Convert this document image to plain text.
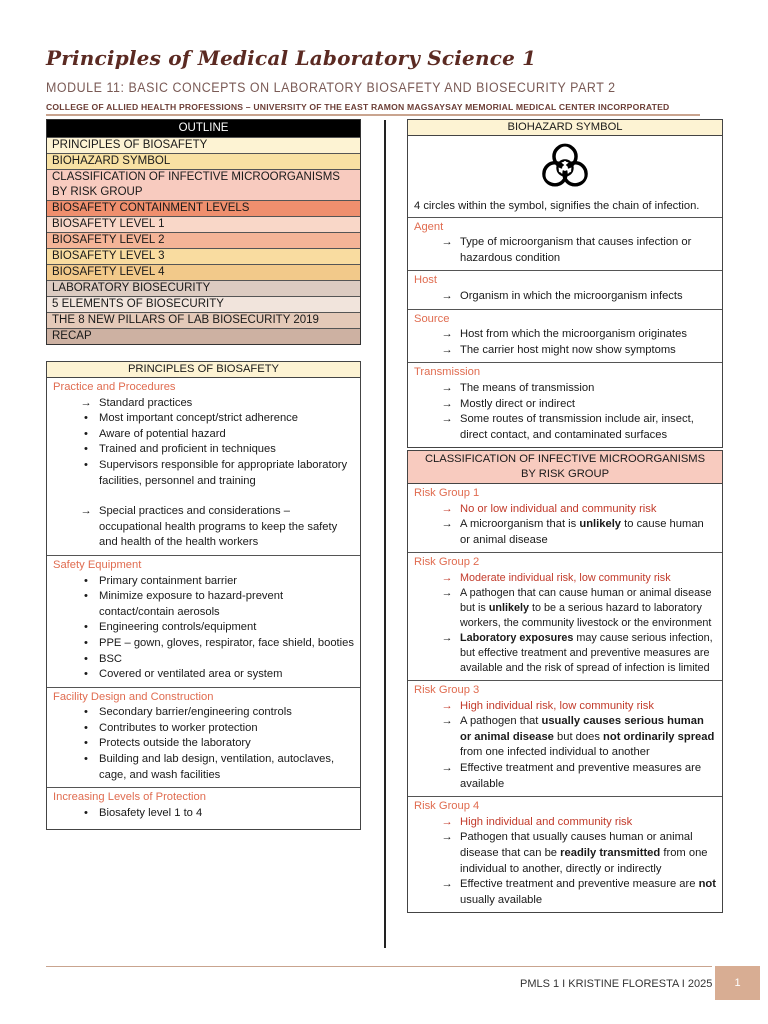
Principles of Medical Laboratory Science 1
MODULE 11: BASIC CONCEPTS ON LABORATORY BIOSAFETY AND BIOSECURITY PART 2
COLLEGE OF ALLIED HEALTH PROFESSIONS – UNIVERSITY OF THE EAST RAMON MAGSAYSAY MEMORIAL MEDICAL CENTER INCORPORATED
OUTLINE
PRINCIPLES OF BIOSAFETY
BIOHAZARD SYMBOL
CLASSIFICATION OF INFECTIVE MICROORGANISMS BY RISK GROUP
BIOSAFETY CONTAINMENT LEVELS
BIOSAFETY LEVEL 1
BIOSAFETY LEVEL 2
BIOSAFETY LEVEL 3
BIOSAFETY LEVEL 4
LABORATORY BIOSECURITY
5 ELEMENTS OF BIOSECURITY
THE 8 NEW PILLARS OF LAB BIOSECURITY 2019
RECAP
PRINCIPLES OF BIOSAFETY
Practice and Procedures
→ Standard practices
• Most important concept/strict adherence
• Aware of potential hazard
• Trained and proficient in techniques
• Supervisors responsible for appropriate laboratory facilities, personnel and training
→ Special practices and considerations – occupational health programs to keep the safety and health of the health workers
Safety Equipment
• Primary containment barrier
• Minimize exposure to hazard-prevent contact/contain aerosols
• Engineering controls/equipment
• PPE – gown, gloves, respirator, face shield, booties
• BSC
• Covered or ventilated area or system
Facility Design and Construction
• Secondary barrier/engineering controls
• Contributes to worker protection
• Protects outside the laboratory
• Building and lab design, ventilation, autoclaves, cage, and wash facilities
Increasing Levels of Protection
• Biosafety level 1 to 4
BIOHAZARD SYMBOL
4 circles within the symbol, signifies the chain of infection.
Agent
→ Type of microorganism that causes infection or hazardous condition
Host
→ Organism in which the microorganism infects
Source
→ Host from which the microorganism originates
→ The carrier host might now show symptoms
Transmission
→ The means of transmission
→ Mostly direct or indirect
→ Some routes of transmission include air, insect, direct contact, and contaminated surfaces
CLASSIFICATION OF INFECTIVE MICROORGANISMS BY RISK GROUP
Risk Group 1
→ No or low individual and community risk
→ A microorganism that is unlikely to cause human or animal disease
Risk Group 2
→ Moderate individual risk, low community risk
→ A pathogen that can cause human or animal disease but is unlikely to be a serious hazard to laboratory workers, the community livestock or the environment
→ Laboratory exposures may cause serious infection, but effective treatment and preventive measures are available and the risk of spread of infection is limited
Risk Group 3
→ High individual risk, low community risk
→ A pathogen that usually causes serious human or animal disease but does not ordinarily spread from one infected individual to another
→ Effective treatment and preventive measures are available
Risk Group 4
→ High individual and community risk
→ Pathogen that usually causes human or animal disease that can be readily transmitted from one individual to another, directly or indirectly
→ Effective treatment and preventive measure are not usually available
PMLS 1 I KRISTINE FLORESTA I 2025	1
